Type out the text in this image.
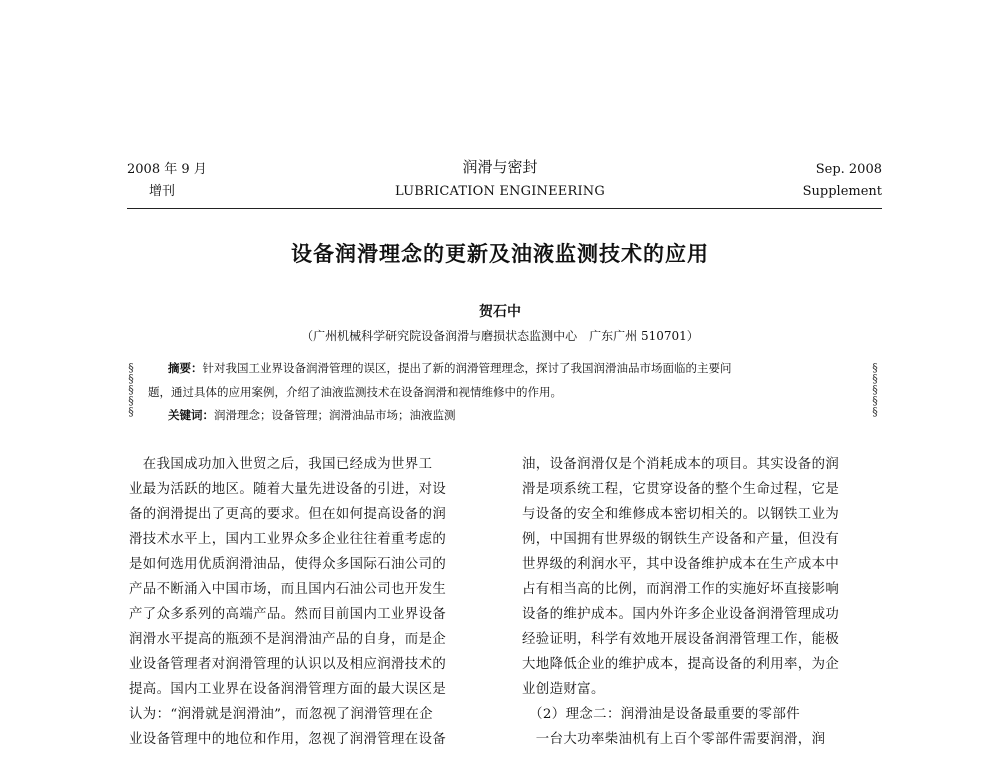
2008 年 9 月
增刊
润滑与密封
LUBRICATION ENGINEERING
Sep. 2008
Supplement
设备润滑理念的更新及油液监测技术的应用
贺石中
（广州机械科学研究院设备润滑与磨损状态监测中心　广东广州 510701）
§
§
§
§
§
§
§
§
§
§
摘要：针对我国工业界设备润滑管理的误区，提出了新的润滑管理理念，探讨了我国润滑油品市场面临的主要问
题，通过具体的应用案例，介绍了油液监测技术在设备润滑和视情维修中的作用。
关键词：润滑理念；设备管理；润滑油品市场；油液监测
　在我国成功加入世贸之后，我国已经成为世界工
业最为活跃的地区。随着大量先进设备的引进，对设
备的润滑提出了更高的要求。但在如何提高设备的润
滑技术水平上，国内工业界众多企业往往着重考虑的
是如何选用优质润滑油品，使得众多国际石油公司的
产品不断涌入中国市场，而且国内石油公司也开发生
产了众多系列的高端产品。然而目前国内工业界设备
润滑水平提高的瓶颈不是润滑油产品的自身，而是企
业设备管理者对润滑管理的认识以及相应润滑技术的
提高。国内工业界在设备润滑管理方面的最大误区是
认为：“润滑就是润滑油”，而忽视了润滑管理在企
业设备管理中的地位和作用，忽视了润滑管理在设备
油，设备润滑仅是个消耗成本的项目。其实设备的润
滑是项系统工程，它贯穿设备的整个生命过程，它是
与设备的安全和维修成本密切相关的。以钢铁工业为
例，中国拥有世界级的钢铁生产设备和产量，但没有
世界级的利润水平，其中设备维护成本在生产成本中
占有相当高的比例，而润滑工作的实施好坏直接影响
设备的维护成本。国内外许多企业设备润滑管理成功
经验证明，科学有效地开展设备润滑管理工作，能极
大地降低企业的维护成本，提高设备的利用率，为企
业创造财富。
　（2）理念二：润滑油是设备最重要的零部件
　一台大功率柴油机有上百个零部件需要润滑，润
